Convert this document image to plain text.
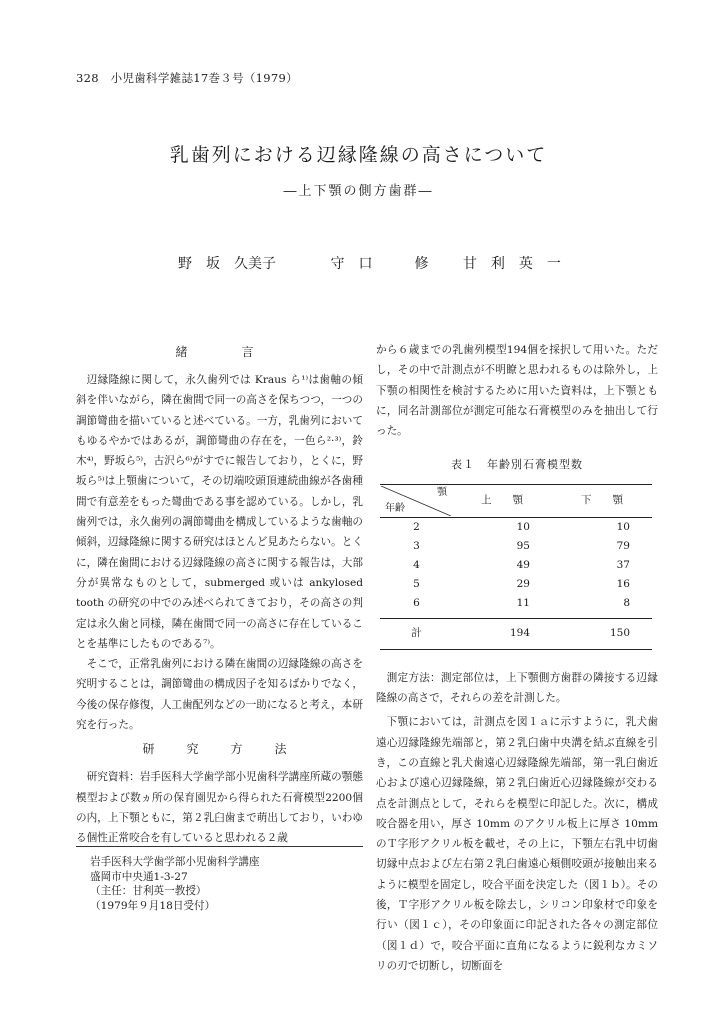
328　小児歯科学雑誌17巻３号（1979）
乳歯列における辺縁隆線の高さについて
―上下顎の側方歯群―
野　坂　久美子	守　口　　　修 甘　利　英　一
緒　　言

辺縁隆線に関して，永久歯列では Kraus ら¹⁾は歯軸の傾斜を伴いながら，隣在歯間で同一の高さを保ちつつ，一つの調節彎曲を描いていると述べている。一方，乳歯列においてもゆるやかではあるが，調節彎曲の存在を，一色ら²·³⁾，鈴木⁴⁾，野坂ら⁵⁾，古沢ら⁶⁾がすでに報告しており，とくに，野坂ら⁵⁾は上顎歯について，その切端咬頭頂連続曲線が各歯種間で有意差をもった彎曲である事を認めている。しかし，乳歯列では，永久歯列の調節彎曲を構成しているような歯軸の傾斜，辺縁隆線に関する研究はほとんど見あたらない。とくに，隣在歯間における辺縁隆線の高さに関する報告は，大部分が異常なものとして，submerged 或いは ankylosed tooth の研究の中でのみ述べられてきており，その高さの判定は永久歯と同様，隣在歯間で同一の高さに存在していることを基準にしたものである⁷⁾。

そこで，正常乳歯列における隣在歯間の辺縁隆線の高さを究明することは，調節彎曲の構成因子を知るばかりでなく，今後の保存修復，人工歯配列などの一助になると考え，本研究を行った。

研　究　方　法

研究資料：岩手医科大学歯学部小児歯科学講座所蔵の顎態模型および数ヵ所の保育園児から得られた石膏模型2200個の内，上下顎ともに，第２乳臼歯まで萌出しており，いわゆる個性正常咬合を有していると思われる２歳

岩手医科大学歯学部小児歯科学講座
盛岡市中央通1-3-27
（主任：甘利英一教授）
（1979年９月18日受付）

から６歳までの乳歯列模型194個を採択して用いた。ただし，その中で計測点が不明瞭と思われるものは除外し，上下顎の相関性を検討するために用いた資料は，上下顎ともに，同名計測部位が測定可能な石膏模型のみを抽出して行った。

表１　年齢別石膏模型数
顎
年齢	上　　顎	下　　顎
2	10	10
3	95	79
4	49	37
5	29	16
6	11	8
計	194	150

測定方法：測定部位は，上下顎側方歯群の隣接する辺縁隆線の高さで，それらの差を計測した。

下顎においては，計測点を図１ａに示すように，乳犬歯遠心辺縁隆線先端部と，第２乳臼歯中央溝を結ぶ直線を引き，この直線と乳犬歯遠心辺縁隆線先端部，第一乳臼歯近心および遠心辺縁隆線，第２乳臼歯近心辺縁隆線が交わる点を計測点として，それらを模型に印記した。次に，構成咬合器を用い，厚さ 10mm のアクリル板上に厚さ 10mm のＴ字形アクリル板を載せ，その上に，下顎左右乳中切歯切縁中点および左右第２乳臼歯遠心頬側咬頭が接触出来るように模型を固定し，咬合平面を決定した（図１ｂ）。その後，Ｔ字形アクリル板を除去し，シリコン印象材で印象を行い（図１ｃ），その印象面に印記された各々の測定部位（図１ｄ）で，咬合平面に直角になるように鋭利なカミソリの刃で切断し，切断面を
